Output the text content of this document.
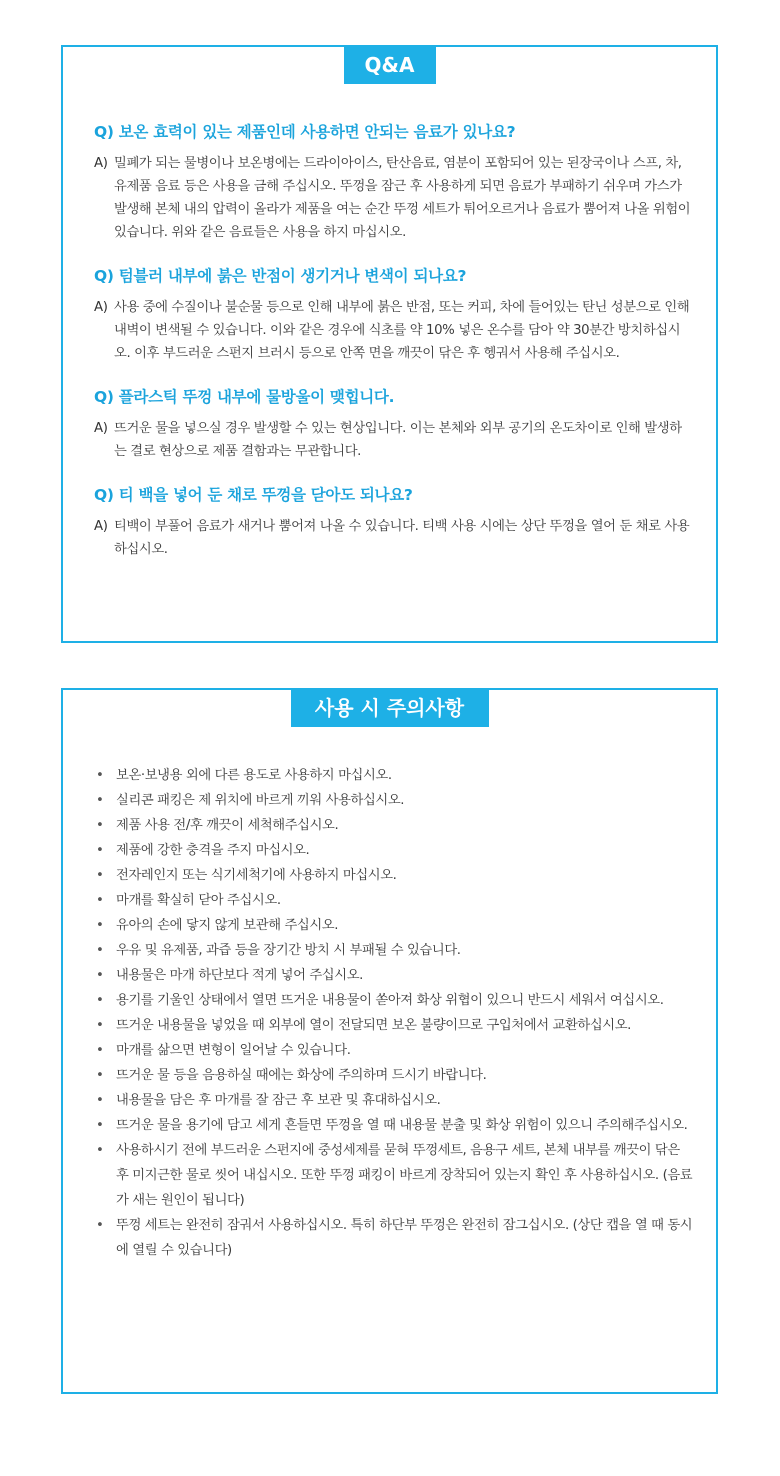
Q&A
Q) 보온 효력이 있는 제품인데 사용하면 안되는 음료가 있나요?
A) 밀폐가 되는 물병이나 보온병에는 드라이아이스, 탄산음료, 염분이 포함되어 있는 된장국이나 스프, 차, 유제품 음료 등은 사용을 금해 주십시오. 뚜껑을 잠근 후 사용하게 되면 음료가 부패하기 쉬우며 가스가 발생해 본체 내의 압력이 올라가 제품을 여는 순간 뚜껑 세트가 튀어오르거나 음료가 뿜어져 나올 위험이 있습니다. 위와 같은 음료들은 사용을 하지 마십시오.
Q) 텀블러 내부에 붉은 반점이 생기거나 변색이 되나요?
A) 사용 중에 수질이나 불순물 등으로 인해 내부에 붉은 반점, 또는 커피, 차에 들어있는 탄닌 성분으로 인해 내벽이 변색될 수 있습니다. 이와 같은 경우에 식초를 약 10% 넣은 온수를 담아 약 30분간 방치하십시오. 이후 부드러운 스펀지 브러시 등으로 안쪽 면을 깨끗이 닦은 후 헹궈서 사용해 주십시오.
Q) 플라스틱 뚜껑 내부에 물방울이 맺힙니다.
A) 뜨거운 물을 넣으실 경우 발생할 수 있는 현상입니다. 이는 본체와 외부 공기의 온도차이로 인해 발생하는 결로 현상으로 제품 결함과는 무관합니다.
Q) 티 백을 넣어 둔 채로 뚜껑을 닫아도 되나요?
A) 티백이 부풀어 음료가 새거나 뿜어져 나올 수 있습니다. 티백 사용 시에는 상단 뚜껑을 열어 둔 채로 사용하십시오.
사용 시 주의사항
• 보온·보냉용 외에 다른 용도로 사용하지 마십시오.
• 실리콘 패킹은 제 위치에 바르게 끼워 사용하십시오.
• 제품 사용 전/후 깨끗이 세척해주십시오.
• 제품에 강한 충격을 주지 마십시오.
• 전자레인지 또는 식기세척기에 사용하지 마십시오.
• 마개를 확실히 닫아 주십시오.
• 유아의 손에 닿지 않게 보관해 주십시오.
• 우유 및 유제품, 과즙 등을 장기간 방치 시 부패될 수 있습니다.
• 내용물은 마개 하단보다 적게 넣어 주십시오.
• 용기를 기울인 상태에서 열면 뜨거운 내용물이 쏟아져 화상 위협이 있으니 반드시 세워서 여십시오.
• 뜨거운 내용물을 넣었을 때 외부에 열이 전달되면 보온 불량이므로 구입처에서 교환하십시오.
• 마개를 삶으면 변형이 일어날 수 있습니다.
• 뜨거운 물 등을 음용하실 때에는 화상에 주의하며 드시기 바랍니다.
• 내용물을 담은 후 마개를 잘 잠근 후 보관 및 휴대하십시오.
• 뜨거운 물을 용기에 담고 세게 흔들면 뚜껑을 열 때 내용물 분출 및 화상 위험이 있으니 주의해주십시오.
• 사용하시기 전에 부드러운 스펀지에 중성세제를 묻혀 뚜껑세트, 음용구 세트, 본체 내부를 깨끗이 닦은 후 미지근한 물로 씻어 내십시오. 또한 뚜껑 패킹이 바르게 장착되어 있는지 확인 후 사용하십시오. (음료가 새는 원인이 됩니다)
• 뚜껑 세트는 완전히 잠궈서 사용하십시오. 특히 하단부 뚜껑은 완전히 잠그십시오. (상단 캡을 열 때 동시에 열릴 수 있습니다)
